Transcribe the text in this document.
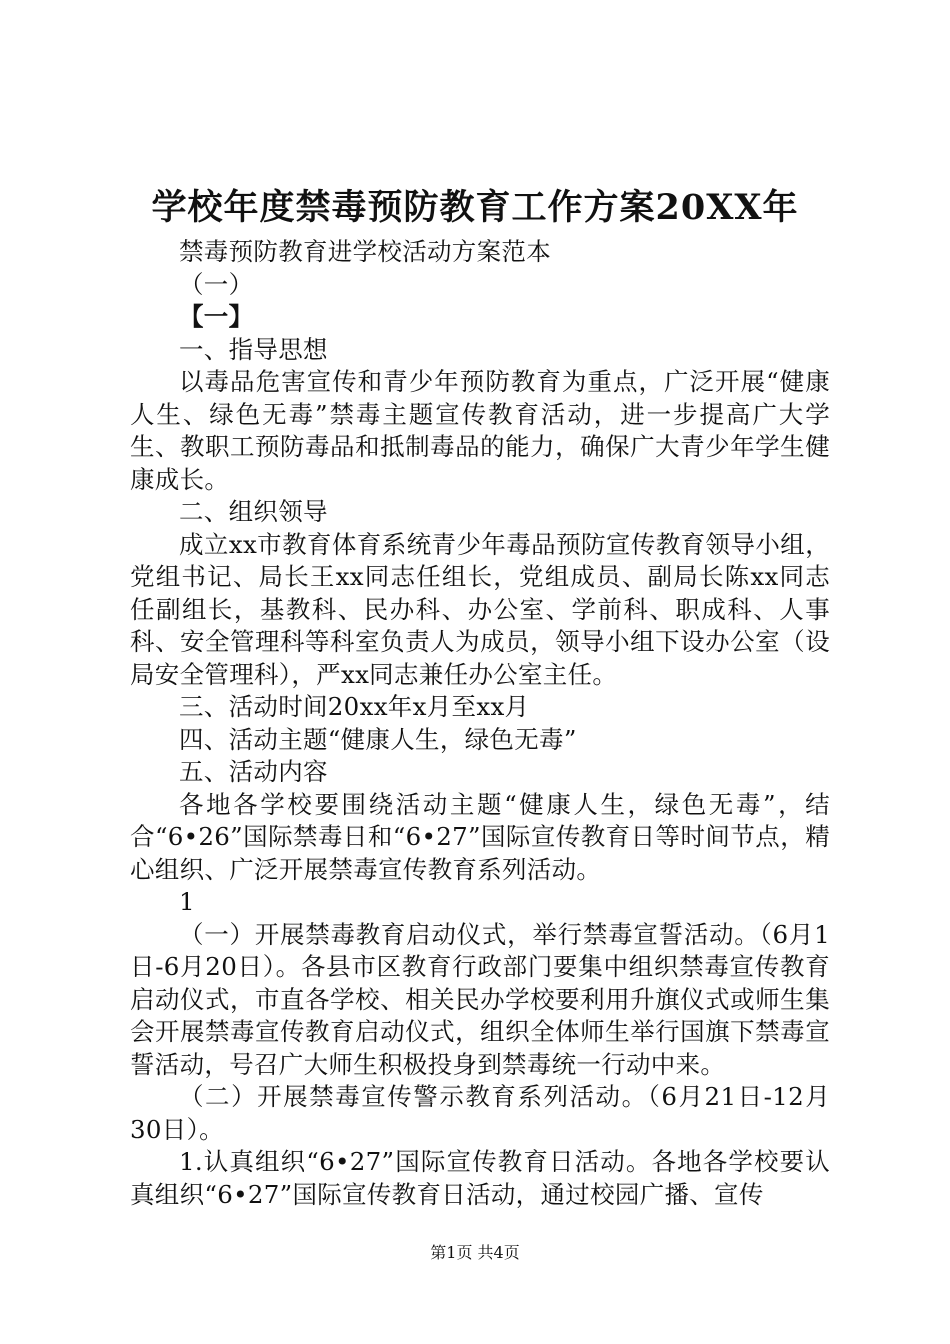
学校年度禁毒预防教育工作方案20XX年

禁毒预防教育进学校活动方案范本

（一）

【一】

一、指导思想

以毒品危害宣传和青少年预防教育为重点，广泛开展“健康人生、绿色无毒”禁毒主题宣传教育活动，进一步提高广大学生、教职工预防毒品和抵制毒品的能力，确保广大青少年学生健康成长。

二、组织领导

成立xx市教育体育系统青少年毒品预防宣传教育领导小组，党组书记、局长王xx同志任组长，党组成员、副局长陈xx同志任副组长，基教科、民办科、办公室、学前科、职成科、人事科、安全管理科等科室负责人为成员，领导小组下设办公室（设局安全管理科），严xx同志兼任办公室主任。

三、活动时间20xx年x月至xx月

四、活动主题“健康人生，绿色无毒”

五、活动内容

各地各学校要围绕活动主题“健康人生，绿色无毒”，结合“6•26”国际禁毒日和“6•27”国际宣传教育日等时间节点，精心组织、广泛开展禁毒宣传教育系列活动。

1

（一）开展禁毒教育启动仪式，举行禁毒宣誓活动。（6月1日-6月20日）。各县市区教育行政部门要集中组织禁毒宣传教育启动仪式，市直各学校、相关民办学校要利用升旗仪式或师生集会开展禁毒宣传教育启动仪式，组织全体师生举行国旗下禁毒宣誓活动，号召广大师生积极投身到禁毒统一行动中来。

（二）开展禁毒宣传警示教育系列活动。（6月21日-12月30日）。

1.认真组织“6•27”国际宣传教育日活动。各地各学校要认真组织“6•27”国际宣传教育日活动，通过校园广播、宣传

第1页 共4页
